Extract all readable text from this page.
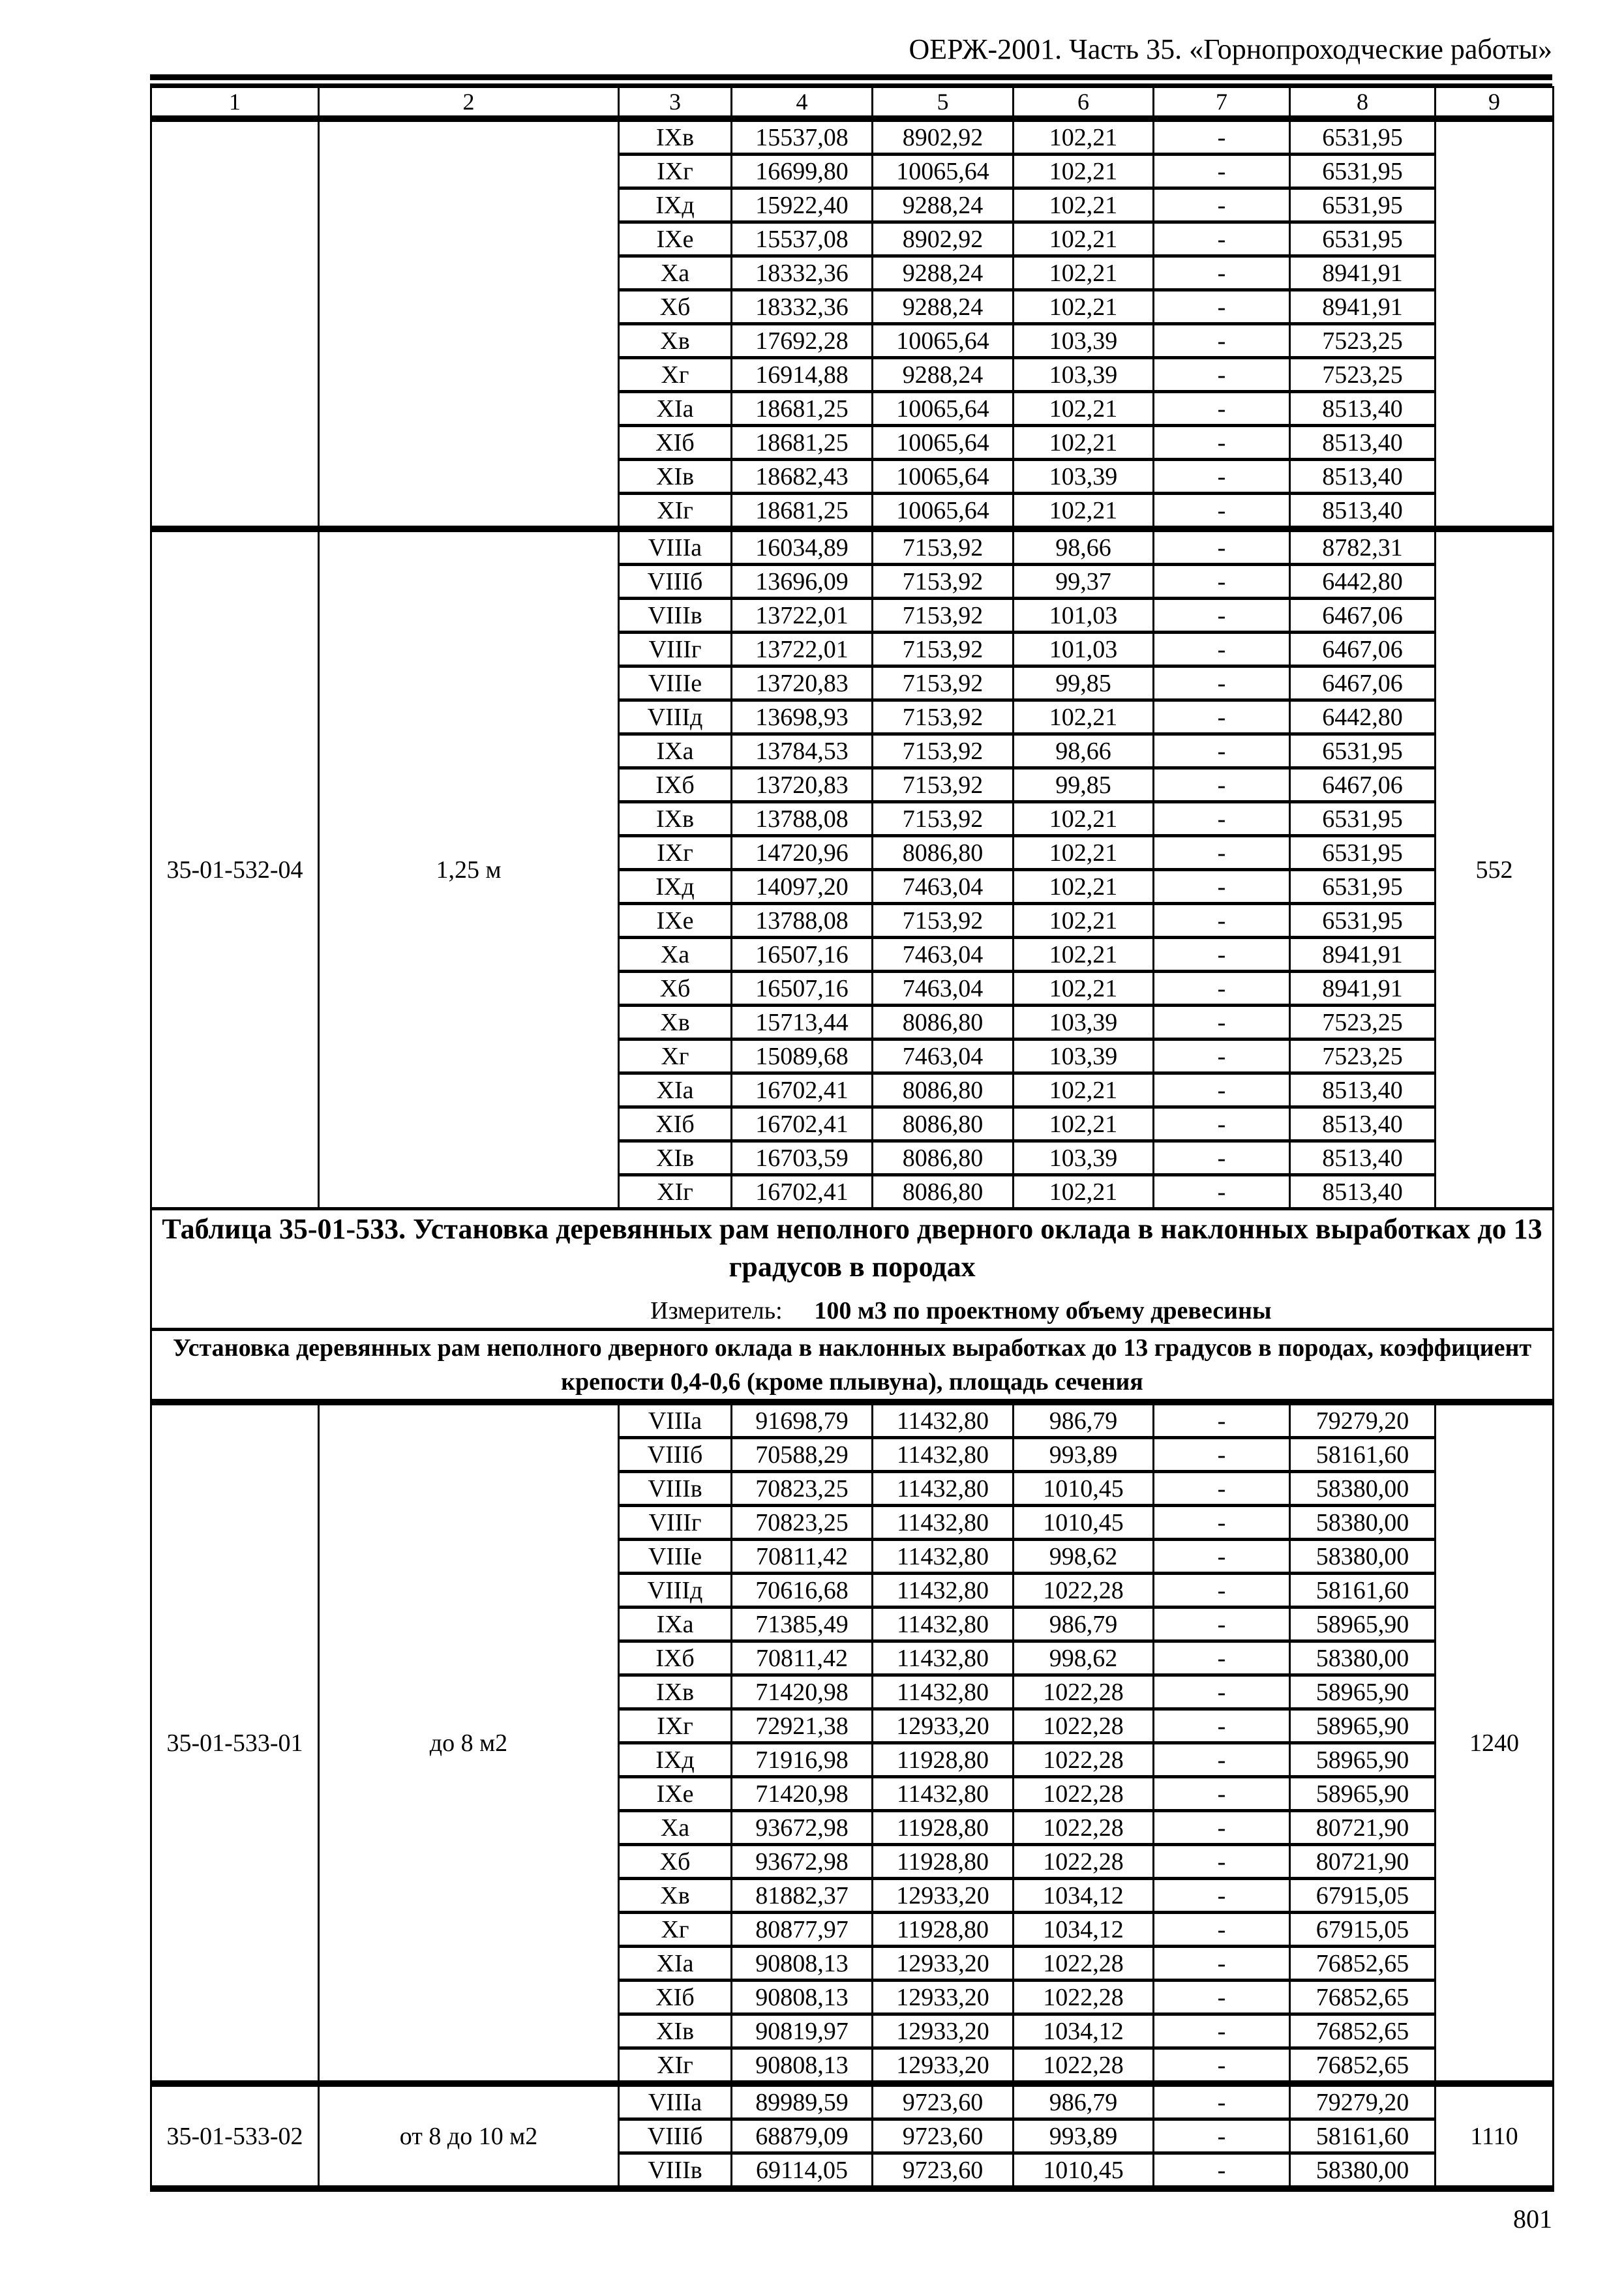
ОЕРЖ-2001. Часть 35. «Горнопроходческие работы»
1	2	3	4	5	6	7	8	9
		IXв	15537,08	8902,92	102,21	-	6531,95	
		IXг	16699,80	10065,64	102,21	-	6531,95	
		IXд	15922,40	9288,24	102,21	-	6531,95	
		IXе	15537,08	8902,92	102,21	-	6531,95	
		Xа	18332,36	9288,24	102,21	-	8941,91	
		Xб	18332,36	9288,24	102,21	-	8941,91	
		Xв	17692,28	10065,64	103,39	-	7523,25	
		Xг	16914,88	9288,24	103,39	-	7523,25	
		XIа	18681,25	10065,64	102,21	-	8513,40	
		XIб	18681,25	10065,64	102,21	-	8513,40	
		XIв	18682,43	10065,64	103,39	-	8513,40	
		XIг	18681,25	10065,64	102,21	-	8513,40	
35-01-532-04	1,25 м	VIIIа	16034,89	7153,92	98,66	-	8782,31	552
		VIIIб	13696,09	7153,92	99,37	-	6442,80	
		VIIIв	13722,01	7153,92	101,03	-	6467,06	
		VIIIг	13722,01	7153,92	101,03	-	6467,06	
		VIIIе	13720,83	7153,92	99,85	-	6467,06	
		VIIIд	13698,93	7153,92	102,21	-	6442,80	
		IXа	13784,53	7153,92	98,66	-	6531,95	
		IXб	13720,83	7153,92	99,85	-	6467,06	
		IXв	13788,08	7153,92	102,21	-	6531,95	
		IXг	14720,96	8086,80	102,21	-	6531,95	
		IXд	14097,20	7463,04	102,21	-	6531,95	
		IXе	13788,08	7153,92	102,21	-	6531,95	
		Xа	16507,16	7463,04	102,21	-	8941,91	
		Xб	16507,16	7463,04	102,21	-	8941,91	
		Xв	15713,44	8086,80	103,39	-	7523,25	
		Xг	15089,68	7463,04	103,39	-	7523,25	
		XIа	16702,41	8086,80	102,21	-	8513,40	
		XIб	16702,41	8086,80	102,21	-	8513,40	
		XIв	16703,59	8086,80	103,39	-	8513,40	
		XIг	16702,41	8086,80	102,21	-	8513,40	

Таблица 35-01-533. Установка деревянных рам неполного дверного оклада в наклонных выработках до 13 градусов в породах
Измеритель: 100 м3 по проектному объему древесины								

Установка деревянных рам неполного дверного оклада в наклонных выработках до 13 градусов в породах, коэффициент крепости 0,4-0,6 (кроме плывуна), площадь сечения								
35-01-533-01	до 8 м2	VIIIа	91698,79	11432,80	986,79	-	79279,20	1240
		VIIIб	70588,29	11432,80	993,89	-	58161,60	
		VIIIв	70823,25	11432,80	1010,45	-	58380,00	
		VIIIг	70823,25	11432,80	1010,45	-	58380,00	
		VIIIе	70811,42	11432,80	998,62	-	58380,00	
		VIIIд	70616,68	11432,80	1022,28	-	58161,60	
		IXа	71385,49	11432,80	986,79	-	58965,90	
		IXб	70811,42	11432,80	998,62	-	58380,00	
		IXв	71420,98	11432,80	1022,28	-	58965,90	
		IXг	72921,38	12933,20	1022,28	-	58965,90	
		IXд	71916,98	11928,80	1022,28	-	58965,90	
		IXе	71420,98	11432,80	1022,28	-	58965,90	
		Xа	93672,98	11928,80	1022,28	-	80721,90	
		Xб	93672,98	11928,80	1022,28	-	80721,90	
		Xв	81882,37	12933,20	1034,12	-	67915,05	
		Xг	80877,97	11928,80	1034,12	-	67915,05	
		XIа	90808,13	12933,20	1022,28	-	76852,65	
		XIб	90808,13	12933,20	1022,28	-	76852,65	
		XIв	90819,97	12933,20	1034,12	-	76852,65	
		XIг	90808,13	12933,20	1022,28	-	76852,65	
35-01-533-02	от 8 до 10 м2	VIIIа	89989,59	9723,60	986,79	-	79279,20	1110
		VIIIб	68879,09	9723,60	993,89	-	58161,60	
		VIIIв	69114,05	9723,60	1010,45	-	58380,00	
801
